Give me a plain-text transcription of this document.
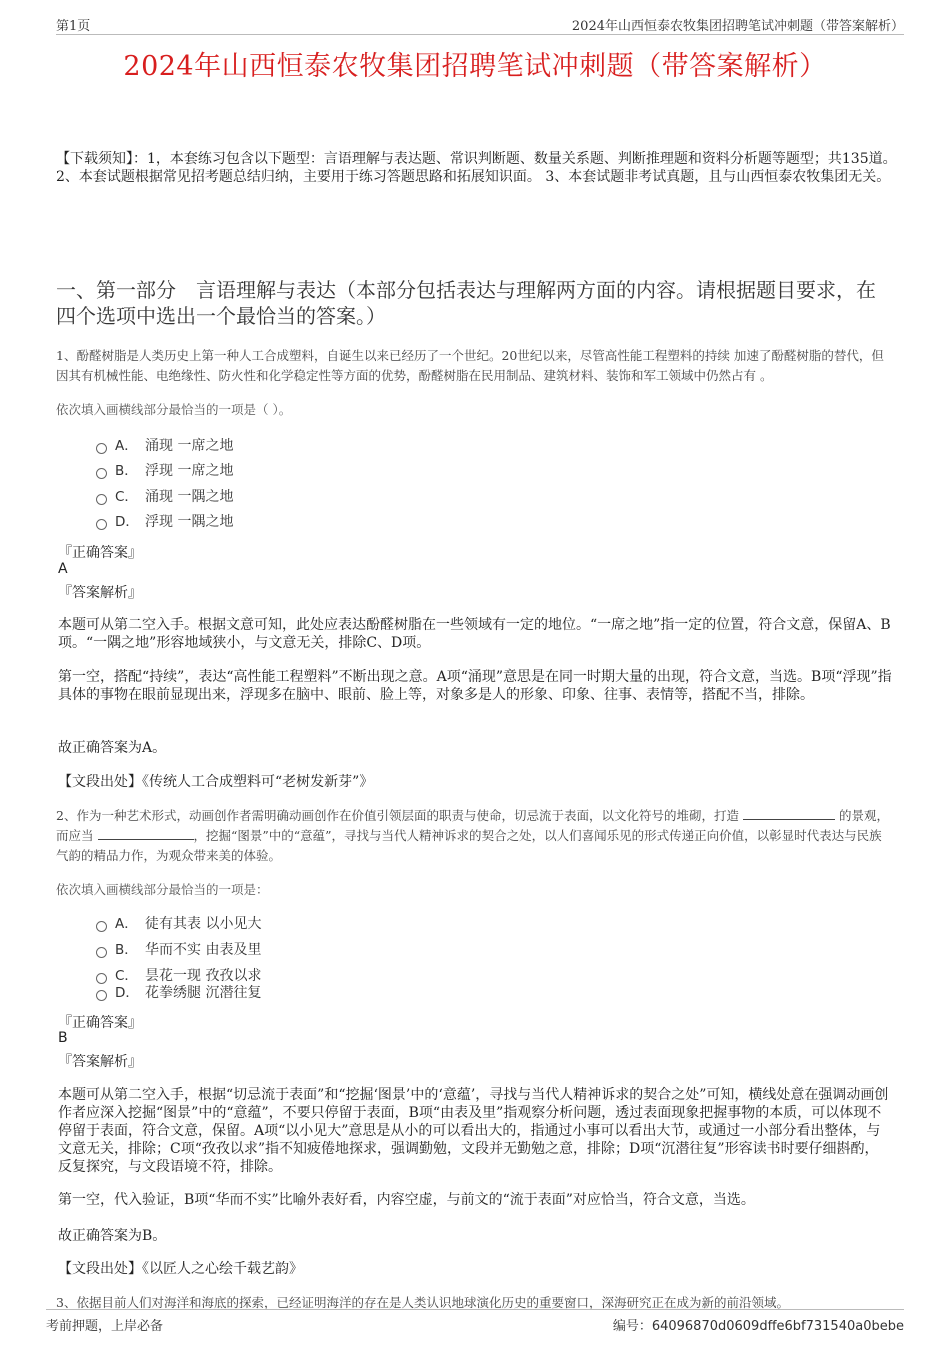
第1页	2024年山西恒泰农牧集团招聘笔试冲刺题（带答案解析）
2024年山西恒泰农牧集团招聘笔试冲刺题（带答案解析）
【下载须知】：1，本套练习包含以下题型：言语理解与表达题、常识判断题、数量关系题、判断推理题和资料分析题等题型；共135道。 2、本套试题根据常见招考题总结归纳，主要用于练习答题思路和拓展知识面。 3、本套试题非考试真题，且与山西恒泰农牧集团无关。
一、第一部分　言语理解与表达（本部分包括表达与理解两方面的内容。请根据题目要求，在四个选项中选出一个最恰当的答案。）
1、酚醛树脂是人类历史上第一种人工合成塑料，自诞生以来已经历了一个世纪。20世纪以来，尽管高性能工程塑料的持续 加速了酚醛树脂的替代，但因其有机械性能、电绝缘性、防火性和化学稳定性等方面的优势，酚醛树脂在民用制品、建筑材料、装饰和军工领域中仍然占有 。
依次填入画横线部分最恰当的一项是（ ）。
A． 涌现 一席之地
B． 浮现 一席之地
C． 涌现 一隅之地
D． 浮现 一隅之地
『正确答案』
A
『答案解析』
本题可从第二空入手。根据文意可知，此处应表达酚醛树脂在一些领域有一定的地位。“一席之地”指一定的位置，符合文意，保留A、B项。“一隅之地”形容地域狭小，与文意无关，排除C、D项。
第一空，搭配“持续”，表达“高性能工程塑料”不断出现之意。A项“涌现”意思是在同一时期大量的出现，符合文意，当选。B项“浮现”指具体的事物在眼前显现出来，浮现多在脑中、眼前、脸上等，对象多是人的形象、印象、往事、表情等，搭配不当，排除。
故正确答案为A。
【文段出处】《传统人工合成塑料可“老树发新芽”》
2、作为一种艺术形式，动画创作者需明确动画创作在价值引领层面的职责与使命，切忌流于表面，以文化符号的堆砌，打造	的景观，而应当	，挖掘“图景”中的“意蕴”，寻找与当代人精神诉求的契合之处，以人们喜闻乐见的形式传递正向价值，以彰显时代表达与民族气韵的精品力作，为观众带来美的体验。
依次填入画横线部分最恰当的一项是：
A． 徒有其表 以小见大
B． 华而不实 由表及里
C． 昙花一现 孜孜以求
D． 花拳绣腿 沉潜往复
『正确答案』
B
『答案解析』
本题可从第二空入手，根据“切忌流于表面”和“挖掘‘图景’中的‘意蕴’，寻找与当代人精神诉求的契合之处”可知，横线处意在强调动画创作者应深入挖掘“图景”中的“意蕴”，不要只停留于表面，B项“由表及里”指观察分析问题，透过表面现象把握事物的本质，可以体现不停留于表面，符合文意，保留。A项“以小见大”意思是从小的可以看出大的，指通过小事可以看出大节，或通过一小部分看出整体，与文意无关，排除；C项“孜孜以求”指不知疲倦地探求，强调勤勉，文段并无勤勉之意，排除；D项“沉潜往复”形容读书时要仔细斟酌，反复探究，与文段语境不符，排除。
第一空，代入验证，B项“华而不实”比喻外表好看，内容空虚，与前文的“流于表面”对应恰当，符合文意，当选。
故正确答案为B。
【文段出处】《以匠人之心绘千载艺韵》
3、依据目前人们对海洋和海底的探索，已经证明海洋的存在是人类认识地球演化历史的重要窗口，深海研究正在成为新的前沿领域。
考前押题，上岸必备	编号：64096870d0609dffe6bf731540a0bebe
